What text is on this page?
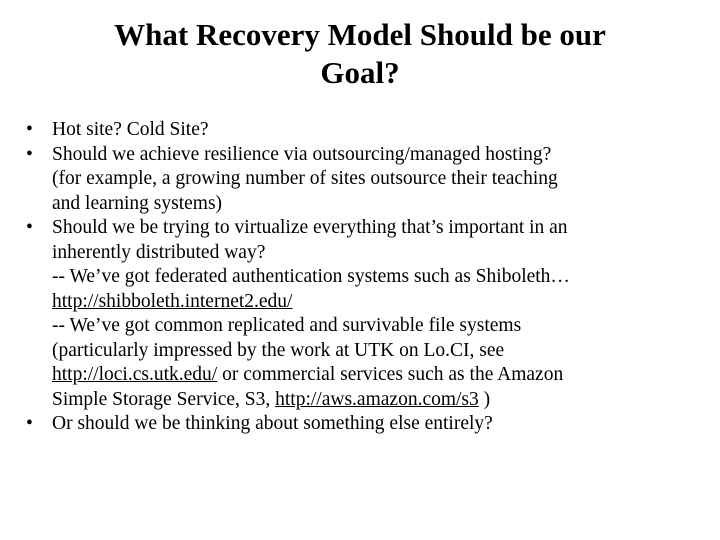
What Recovery Model Should be our
Goal?
• Hot site? Cold Site?
• Should we achieve resilience via outsourcing/managed hosting?
(for example, a growing number of sites outsource their teaching
and learning systems)
• Should we be trying to virtualize everything that’s important in an
inherently distributed way?
-- We’ve got federated authentication systems such as Shiboleth…
http://shibboleth.internet2.edu/
-- We’ve got common replicated and survivable file systems
(particularly impressed by the work at UTK on Lo.CI, see
http://loci.cs.utk.edu/ or commercial services such as the Amazon
Simple Storage Service, S3, http://aws.amazon.com/s3 )
• Or should we be thinking about something else entirely?
